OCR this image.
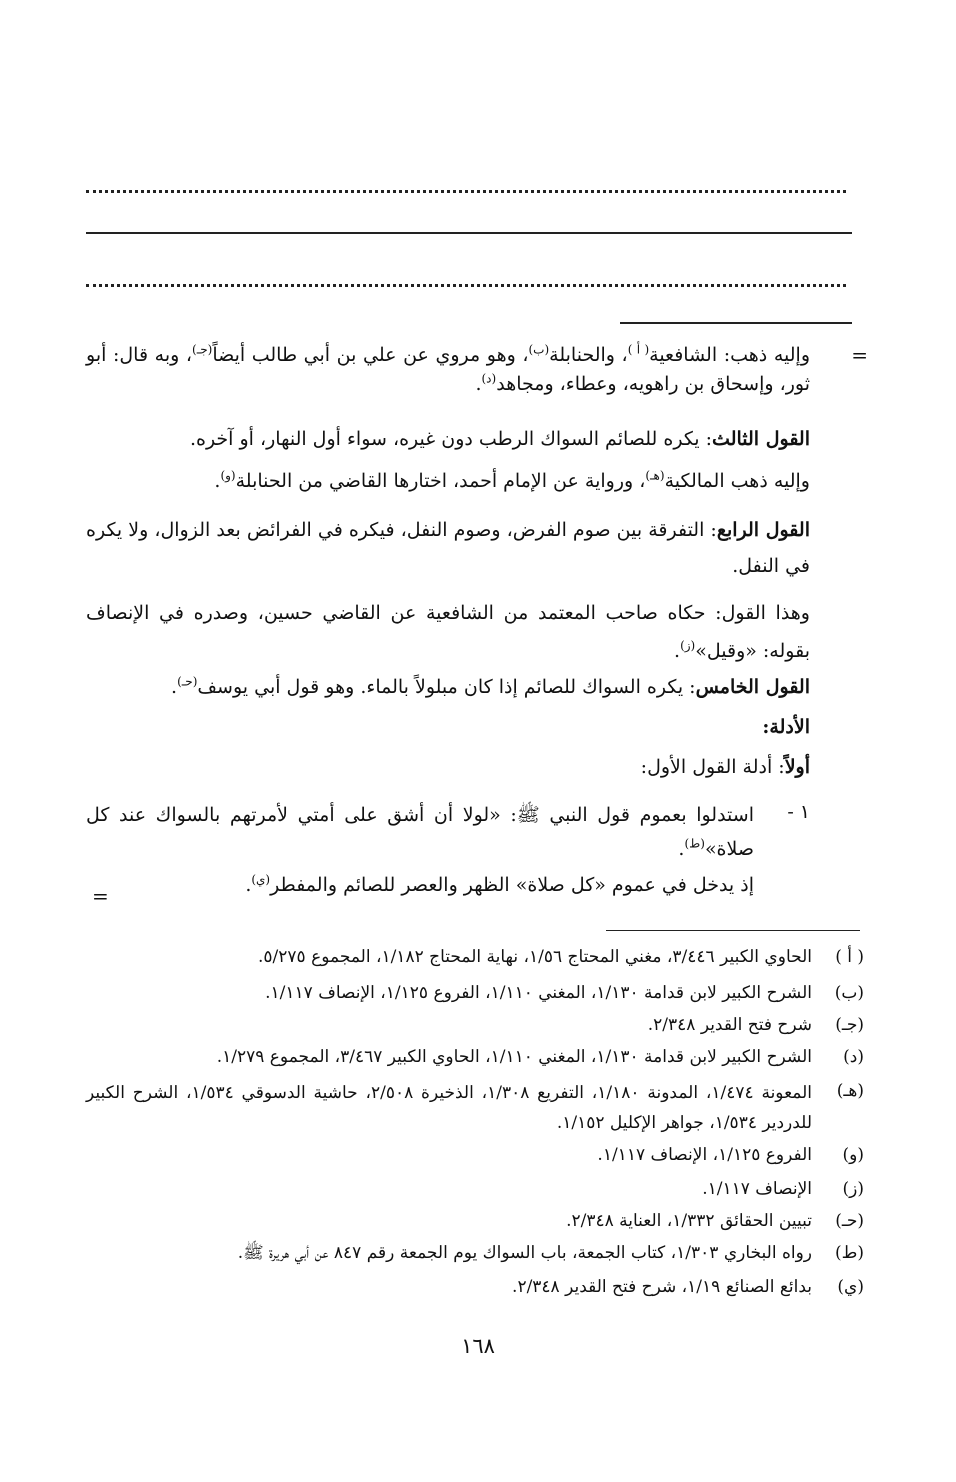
=
وإليه ذهب: الشافعية$^{( أ )}$، والحنابلة$^{(ب)}$، وهو مروي عن علي بن أبي طالب أيضاً$^{(جـ)}$، وبه قال: أبو ثور، وإسحاق بن راهويه، وعطاء، ومجاهد$^{(د)}$.
القول الثالث: يكره للصائم السواك الرطب دون غيره، سواء أول النهار، أو آخره.
وإليه ذهب المالكية$^{(هـ)}$، ورواية عن الإمام أحمد، اختارها القاضي من الحنابلة$^{(و)}$.
القول الرابع: التفرقة بين صوم الفرض، وصوم النفل، فيكره في الفرائض بعد الزوال، ولا يكره في النفل.
وهذا القول: حكاه صاحب المعتمد من الشافعية عن القاضي حسين، وصدره في الإنصاف بقوله: «وقيل»$^{(ز)}$.
القول الخامس: يكره السواك للصائم إذا كان مبلولاً بالماء. وهو قول أبي يوسف$^{(حـ)}$.
الأدلة:
أولاً: أدلة القول الأول:
١ -
استدلوا بعموم قول النبي ﷺ: «لولا أن أشق على أمتي لأمرتهم بالسواك عند كل صلاة»$^{(ط)}$.
إذ يدخل في عموم «كل صلاة» الظهر والعصر للصائم والمفطر$^{(ي)}$.
=
( أ )
الحاوي الكبير ٣/٤٤٦، مغني المحتاج ١/٥٦، نهاية المحتاج ١/١٨٢، المجموع ٥/٢٧٥.
(ب)
الشرح الكبير لابن قدامة ١/١٣٠، المغني ١/١١٠، الفروع ١/١٢٥، الإنصاف ١/١١٧.
(جـ)
شرح فتح القدير ٢/٣٤٨.
(د)
الشرح الكبير لابن قدامة ١/١٣٠، المغني ١/١١٠، الحاوي الكبير ٣/٤٦٧، المجموع ١/٢٧٩.
(هـ)
المعونة ١/٤٧٤، المدونة ١/١٨٠، التفريع ١/٣٠٨، الذخيرة ٢/٥٠٨، حاشية الدسوقي ١/٥٣٤، الشرح الكبير للدردير ١/٥٣٤، جواهر الإكليل ١/١٥٢.
(و)
الفروع ١/١٢٥، الإنصاف ١/١١٧.
(ز)
الإنصاف ١/١١٧.
(حـ)
تبيين الحقائق ١/٣٣٢، العناية ٢/٣٤٨.
(ط)
رواه البخاري ١/٣٠٣، كتاب الجمعة، باب السواك يوم الجمعة رقم ٨٤٧ عن أبي هريرة ﷺ.
(ي)
بدائع الصنائع ١/١٩، شرح فتح القدير ٢/٣٤٨.
١٦٨
